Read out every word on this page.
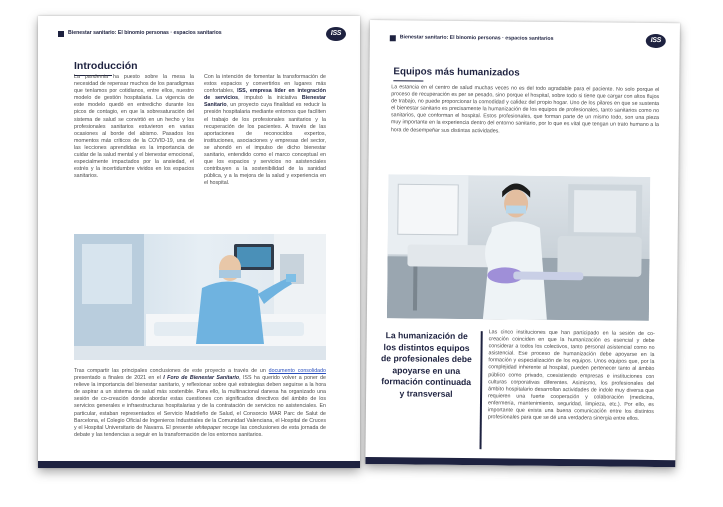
Bienestar sanitario: El binomio personas · espacios sanitarios	ISS
Introducción
La pandemia ha puesto sobre la mesa la necesidad de repensar muchos de los paradigmas que teníamos por cotidianos, entre ellos, nuestro modelo de gestión hospitalaria. La vigencia de este modelo quedó en entredicho durante los picos de contagio, en que la sobresaturación del sistema de salud se convirtió en un hecho y los profesionales sanitarios estuvieron en varias ocasiones al borde del abismo. Pasados los momentos más críticos de la COVID-19, una de las lecciones aprendidas es la importancia de cuidar de la salud mental y el bienestar emocional, especialmente impactados por la ansiedad, el estrés y la incertidumbre vividos en los espacios sanitarios.
Con la intención de fomentar la transformación de estos espacios y convertirlos en lugares más confortables, ISS, empresa líder en integración de servicios, impulsó la iniciativa Bienestar Sanitario, un proyecto cuya finalidad es reducir la presión hospitalaria mediante entornos que faciliten el trabajo de los profesionales sanitarios y la recuperación de los pacientes. A través de las aportaciones de reconocidos expertos, instituciones, asociaciones y empresas del sector, se ahondó en el impulso de dicho bienestar sanitario, entendido como el marco conceptual en que los espacios y servicios no asistenciales contribuyen a la sostenibilidad de la sanidad pública, y a la mejora de la salud y experiencia en el hospital.
Tras compartir las principales conclusiones de este proyecto a través de un documento consolidado presentado a finales de 2021 en el I Foro de Bienestar Sanitario, ISS ha querido volver a poner de relieve la importancia del bienestar sanitario, y reflexionar sobre qué estrategias deben seguirse a la hora de aspirar a un sistema de salud más sostenible. Para ello, la multinacional danesa ha organizado una sesión de co-creación donde abordar estas cuestiones con significados directivos del ámbito de los servicios generales e infraestructuras hospitalarias y de la contratación de servicios no asistenciales. En particular, estaban representados el Servicio Madrileño de Salud, el Consorcio MAR Parc de Salut de Barcelona, el Colegio Oficial de Ingenieros Industriales de la Comunidad Valenciana, el Hospital de Cruces y el Hospital Universitario de Navarra. El presente whitepaper recoge las conclusiones de esta jornada de debate y las tendencias a seguir en la transformación de los entornos sanitarios.
Bienestar sanitario: El binomio personas · espacios sanitarios	ISS
Equipos más humanizados
La estancia en el centro de salud muchas veces no es del todo agradable para el paciente. No solo porque el proceso de recuperación es per se pesado, sino porque el hospital, sobre todo si tiene que cargar con altos flujos de trabajo, no puede proporcionar la comodidad y calidez del propio hogar. Uno de los pilares en que se sustenta el bienestar sanitario es precisamente la humanización de los equipos de profesionales, tanto sanitarios como no sanitarios, que conforman el hospital. Estos profesionales, que forman parte de un mismo todo, son una pieza muy importante en la experiencia dentro del entorno sanitario, por lo que es vital que tengan un trato humano a la hora de desempeñar sus distintas actividades.
La humanización de los distintos equipos de profesionales debe apoyarse en una formación continuada y transversal
Las cinco instituciones que han participado en la sesión de co-creación coinciden en que la humanización es esencial y debe considerar a todos los colectivos, tanto personal asistencial como no asistencial. Ese proceso de humanización debe apoyarse en la formación y especialización de los equipos. Unos equipos que, por la complejidad inherente al hospital, pueden pertenecer tanto al ámbito público como privado, coexistiendo empresas e instituciones con culturas corporativas diferentes. Asimismo, los profesionales del ámbito hospitalario desarrollan actividades de índole muy diversa que requieren una fuerte cooperación y colaboración (medicina, enfermería, mantenimiento, seguridad, limpieza, etc.). Por ello, es importante que exista una buena comunicación entre los distintos profesionales para que se dé una verdadera sinergia entre ellos.
